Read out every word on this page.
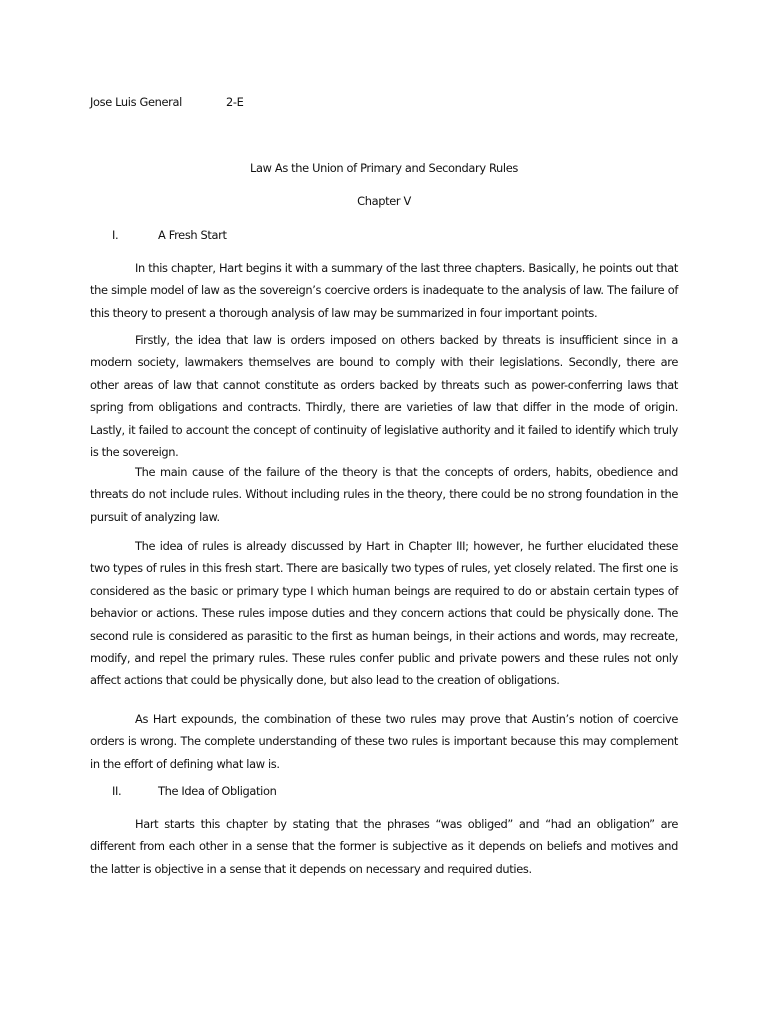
Jose Luis General	2-E
Law As the Union of Primary and Secondary Rules
Chapter V
I.	A Fresh Start

In this chapter, Hart begins it with a summary of the last three chapters. Basically, he points out that the simple model of law as the sovereign’s coercive orders is inadequate to the analysis of law. The failure of this theory to present a thorough analysis of law may be summarized in four important points.

Firstly, the idea that law is orders imposed on others backed by threats is insufficient since in a modern society, lawmakers themselves are bound to comply with their legislations. Secondly, there are other areas of law that cannot constitute as orders backed by threats such as power-conferring laws that spring from obligations and contracts. Thirdly, there are varieties of law that differ in the mode of origin. Lastly, it failed to account the concept of continuity of legislative authority and it failed to identify which truly is the sovereign.

The main cause of the failure of the theory is that the concepts of orders, habits, obedience and threats do not include rules. Without including rules in the theory, there could be no strong foundation in the pursuit of analyzing law.

The idea of rules is already discussed by Hart in Chapter III; however, he further elucidated these two types of rules in this fresh start. There are basically two types of rules, yet closely related. The first one is considered as the basic or primary type I which human beings are required to do or abstain certain types of behavior or actions. These rules impose duties and they concern actions that could be physically done. The second rule is considered as parasitic to the first as human beings, in their actions and words, may recreate, modify, and repel the primary rules. These rules confer public and private powers and these rules not only affect actions that could be physically done, but also lead to the creation of obligations.

As Hart expounds, the combination of these two rules may prove that Austin’s notion of coercive orders is wrong. The complete understanding of these two rules is important because this may complement in the effort of defining what law is.

II.	The Idea of Obligation

Hart starts this chapter by stating that the phrases “was obliged” and “had an obligation” are different from each other in a sense that the former is subjective as it depends on beliefs and motives and the latter is objective in a sense that it depends on necessary and required duties.
